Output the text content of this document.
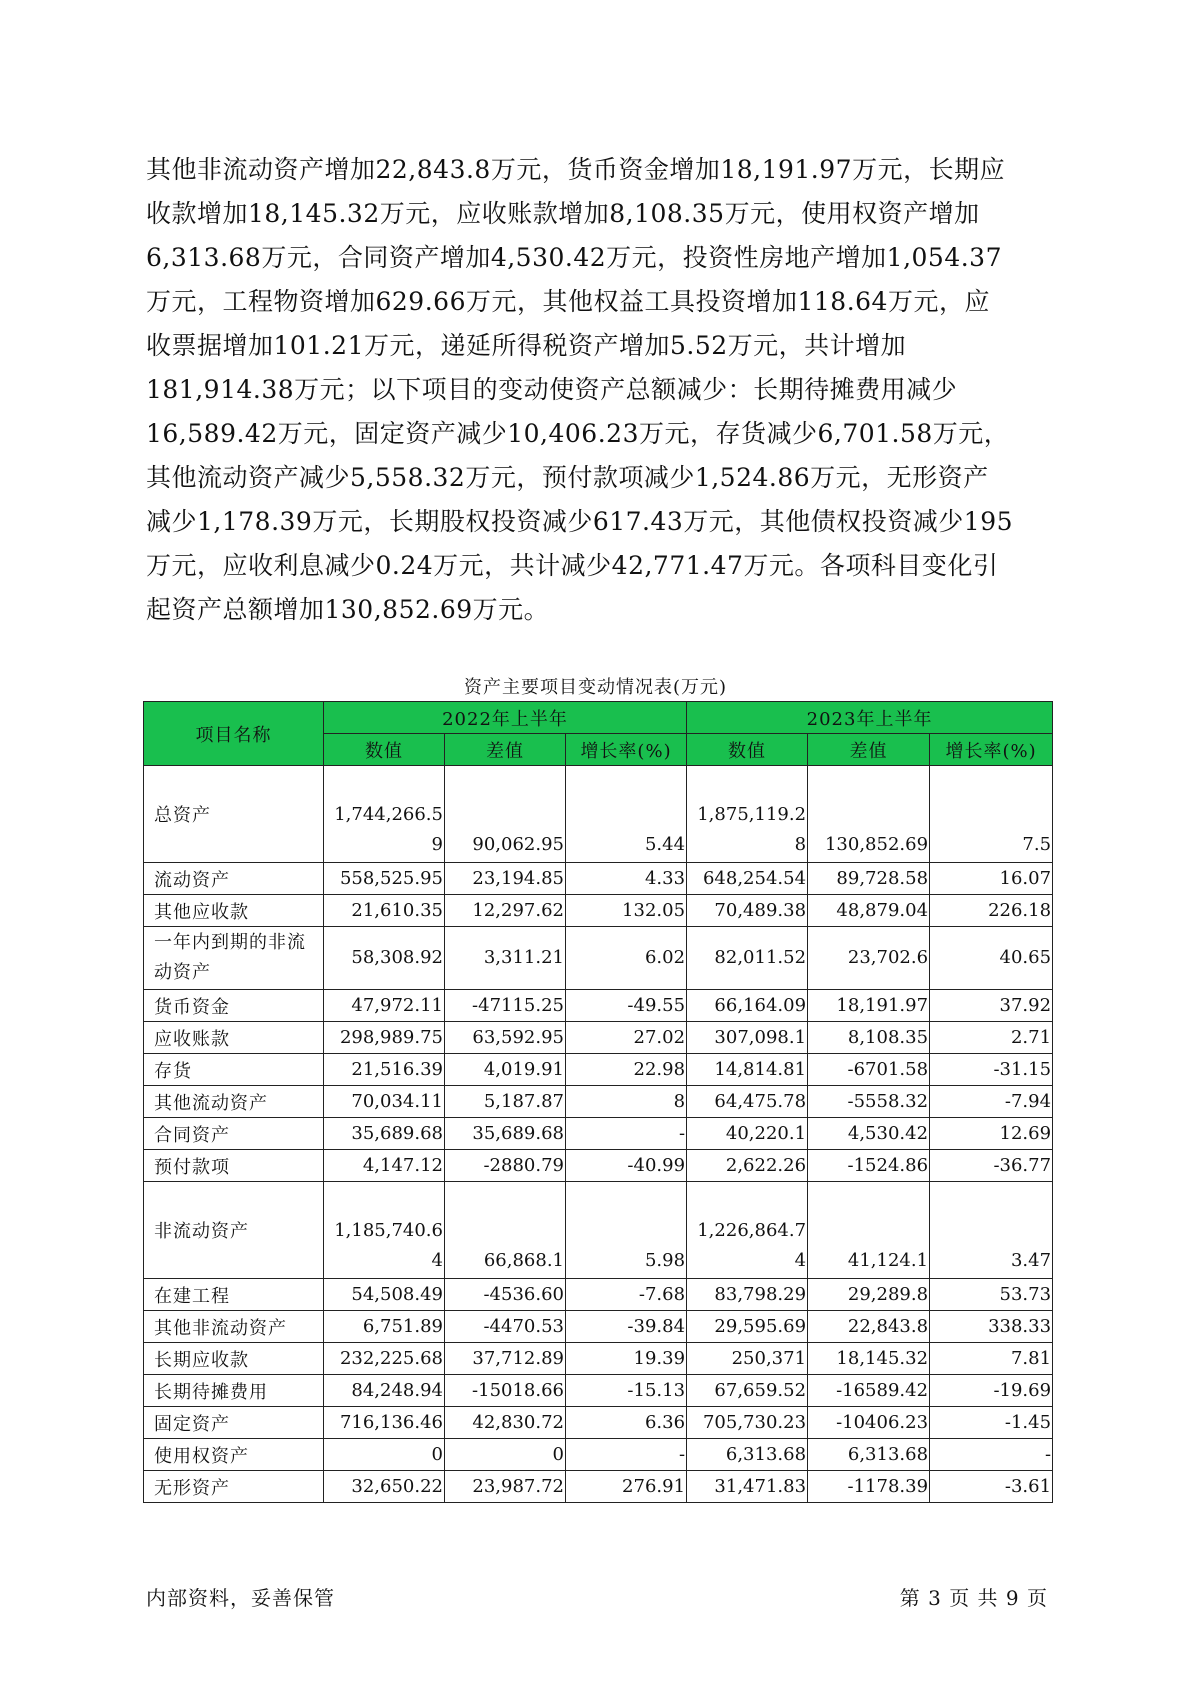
其他非流动资产增加22,843.8万元，货币资金增加18,191.97万元，长期应

收款增加18,145.32万元，应收账款增加8,108.35万元，使用权资产增加

6,313.68万元，合同资产增加4,530.42万元，投资性房地产增加1,054.37

万元，工程物资增加629.66万元，其他权益工具投资增加118.64万元，应

收票据增加101.21万元，递延所得税资产增加5.52万元，共计增加

181,914.38万元；以下项目的变动使资产总额减少：长期待摊费用减少

16,589.42万元，固定资产减少10,406.23万元，存货减少6,701.58万元，

其他流动资产减少5,558.32万元，预付款项减少1,524.86万元，无形资产

减少1,178.39万元，长期股权投资减少617.43万元，其他债权投资减少195

万元，应收利息减少0.24万元，共计减少42,771.47万元。各项科目变化引

起资产总额增加130,852.69万元。

资产主要项目变动情况表(万元)
项目名称	2022年上半年			2023年上半年		
	数值	差值	增长率(%)	数值	差值	增长率(%)
总资产	1,744,266.59	90,062.95	5.44	1,875,119.28	130,852.69	7.5
流动资产	558,525.95	23,194.85	4.33	648,254.54	89,728.58	16.07
其他应收款	21,610.35	12,297.62	132.05	70,489.38	48,879.04	226.18
一年内到期的非流动资产	58,308.92	3,311.21	6.02	82,011.52	23,702.6	40.65
货币资金	47,972.11	-47115.25	-49.55	66,164.09	18,191.97	37.92
应收账款	298,989.75	63,592.95	27.02	307,098.1	8,108.35	2.71
存货	21,516.39	4,019.91	22.98	14,814.81	-6701.58	-31.15
其他流动资产	70,034.11	5,187.87	8	64,475.78	-5558.32	-7.94
合同资产	35,689.68	35,689.68	-	40,220.1	4,530.42	12.69
预付款项	4,147.12	-2880.79	-40.99	2,622.26	-1524.86	-36.77
非流动资产	1,185,740.64	66,868.1	5.98	1,226,864.74	41,124.1	3.47
在建工程	54,508.49	-4536.60	-7.68	83,798.29	29,289.8	53.73
其他非流动资产	6,751.89	-4470.53	-39.84	29,595.69	22,843.8	338.33
长期应收款	232,225.68	37,712.89	19.39	250,371	18,145.32	7.81
长期待摊费用	84,248.94	-15018.66	-15.13	67,659.52	-16589.42	-19.69
固定资产	716,136.46	42,830.72	6.36	705,730.23	-10406.23	-1.45
使用权资产	0	0	-	6,313.68	6,313.68	-
无形资产	32,650.22	23,987.72	276.91	31,471.83	-1178.39	-3.61
内部资料，妥善保管	第 3 页 共 9 页
